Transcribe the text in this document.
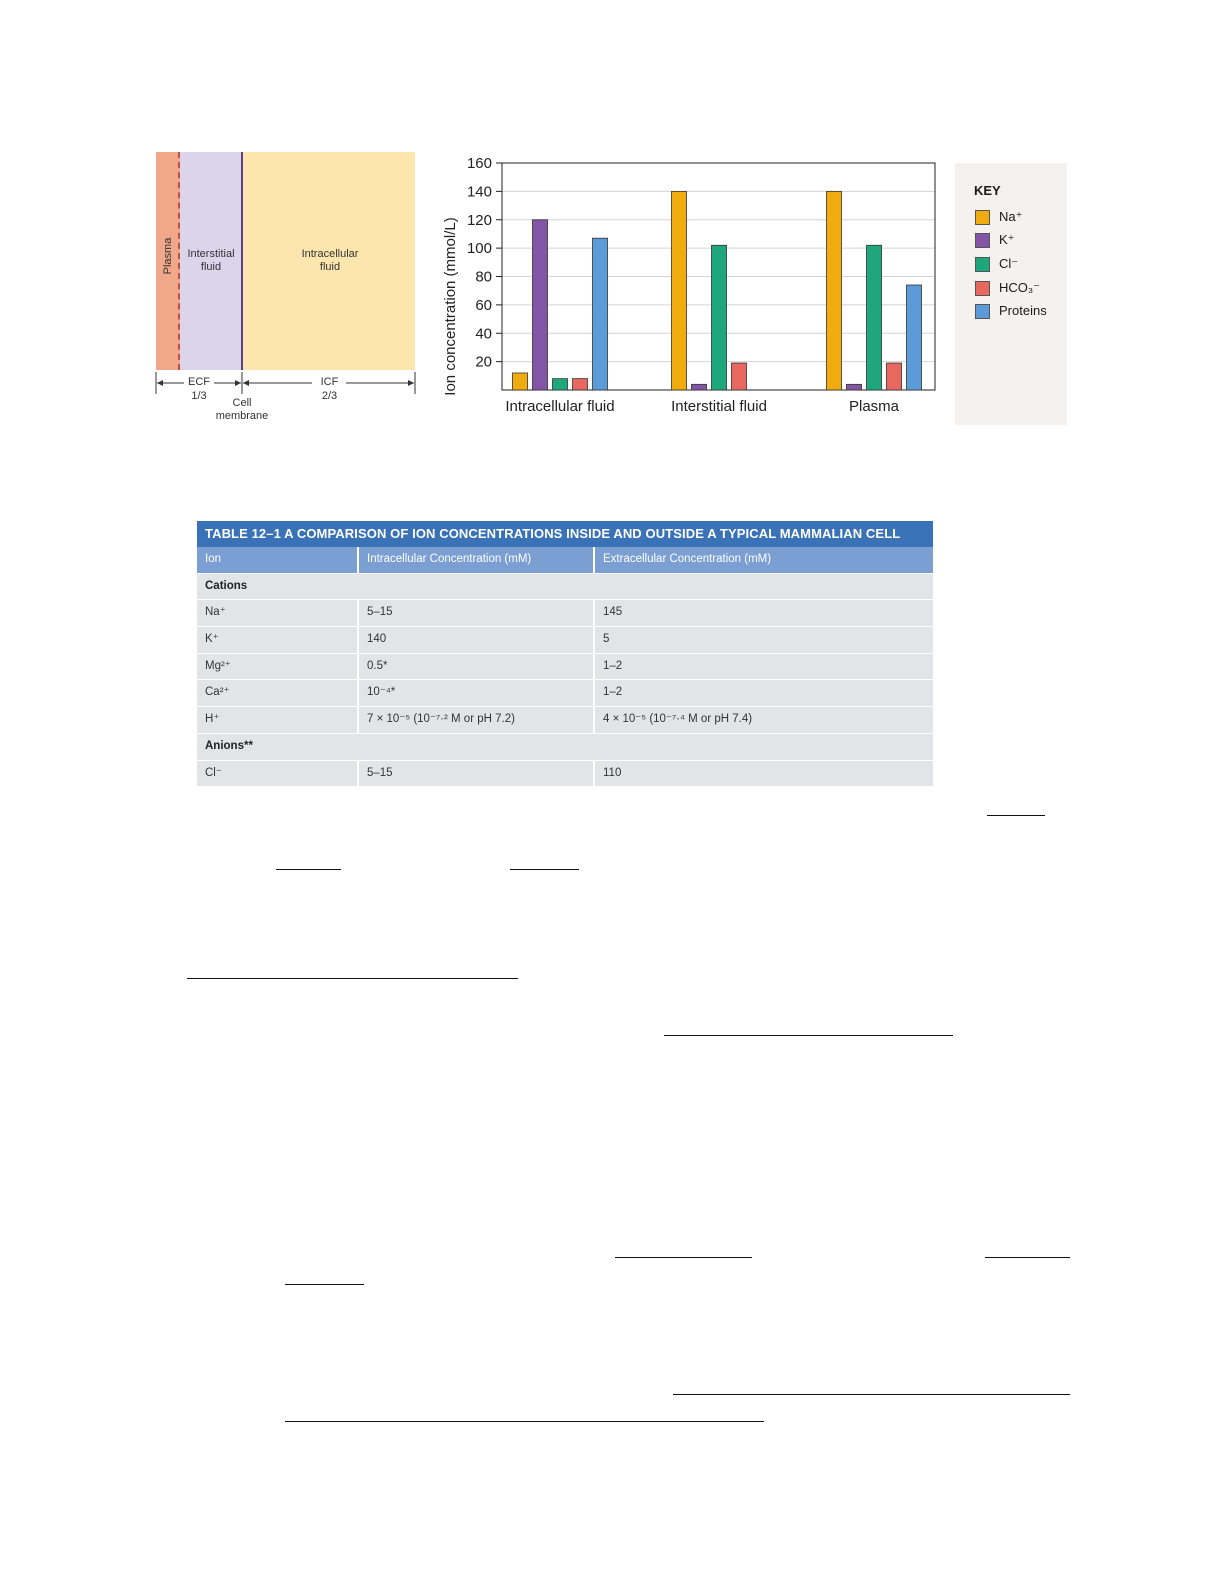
Plasma	Interstitial fluid
Intracellular fluid
ECF
1/3
ICF
2/3
Cell membrane
20
40
60
80
100
120
140
160
Ion concentration (mmol/L)
Intracellular fluid	Interstitial fluid	Plasma
KEY
Na⁺
K⁺
Cl⁻
HCO₃⁻
Proteins
TABLE 12–1 A COMPARISON OF ION CONCENTRATIONS INSIDE AND OUTSIDE A TYPICAL MAMMALIAN CELL
Ion	Intracellular Concentration (mM)	Extracellular Concentration (mM)
Cations
Na⁺	5–15	145
K⁺	140	5
Mg²⁺	0.5*	1–2
Ca²⁺	10⁻⁴*	1–2
H⁺	7 × 10⁻⁵ (10⁻⁷·² M or pH 7.2)	4 × 10⁻⁵ (10⁻⁷·⁴ M or pH 7.4)
Anions**
Cl⁻	5–15	110
